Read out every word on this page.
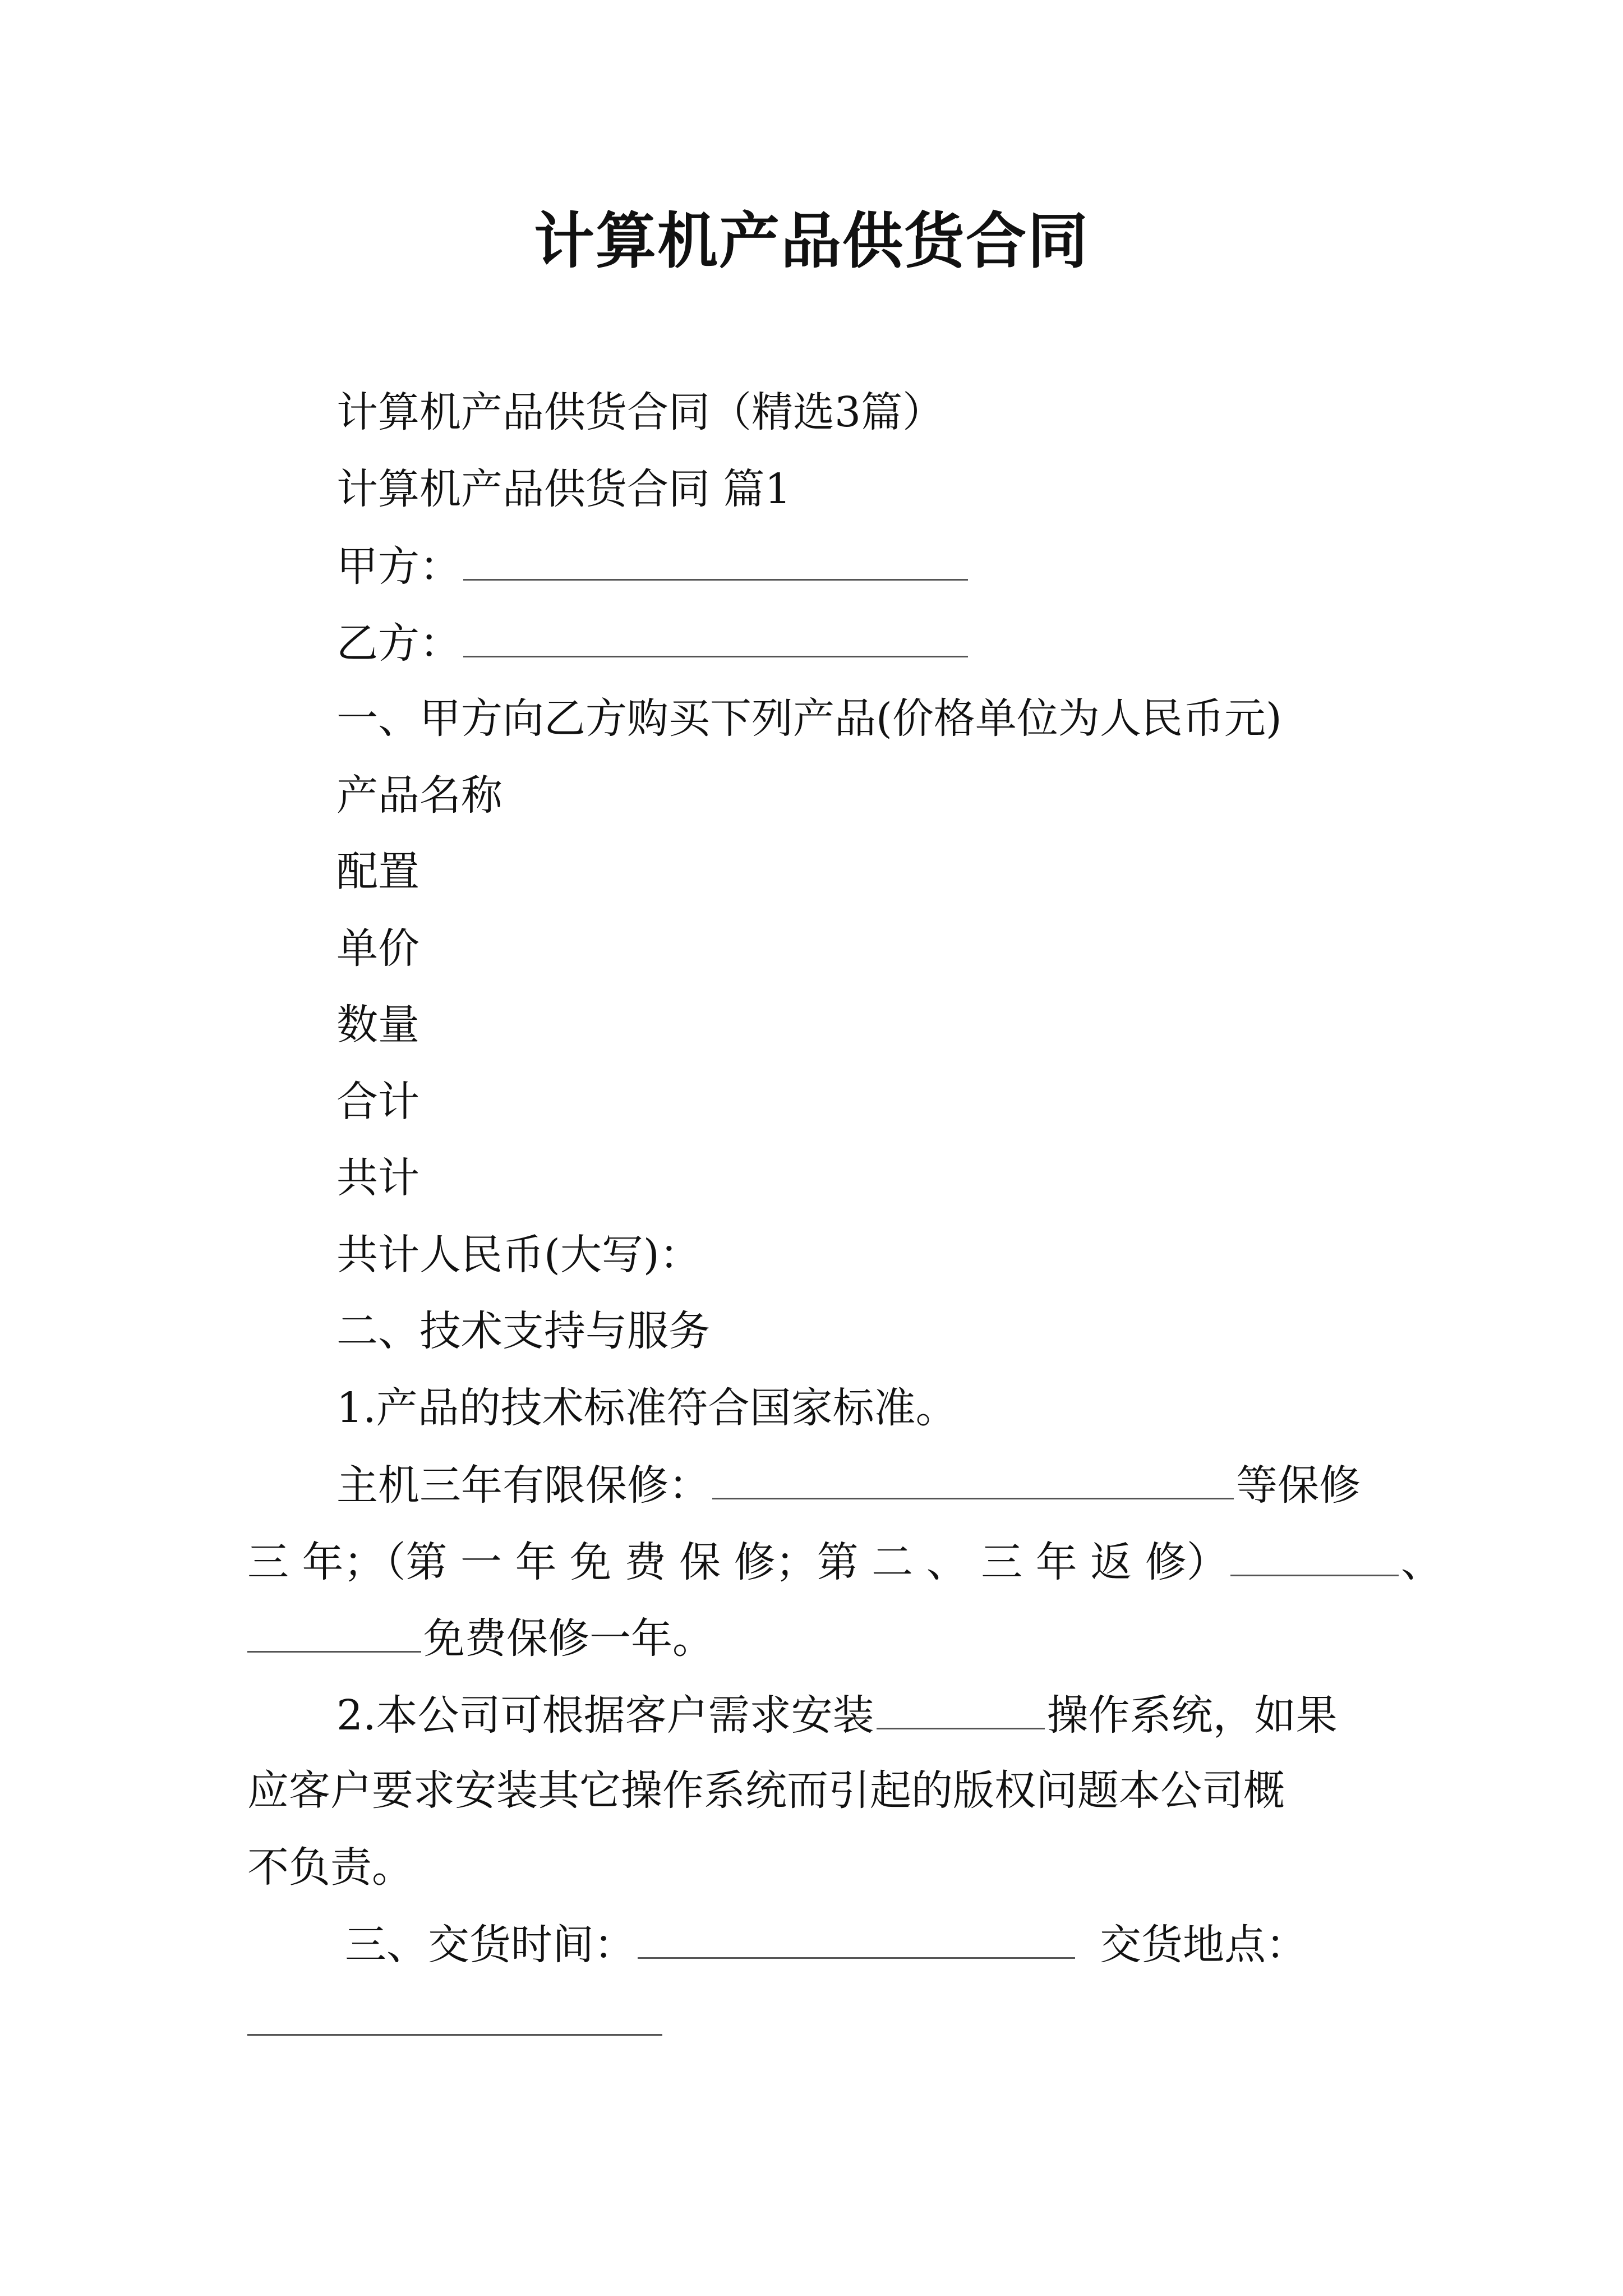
计算机产品供货合同
计算机产品供货合同（精选3篇）
计算机产品供货合同 篇1
甲方：
乙方：
一、甲方向乙方购买下列产品(价格单位为人民币元)
产品名称
配置
单价
数量
合计
共计
共计人民币(大写)：
二、技术支持与服务
1.产品的技术标准符合国家标准。
主机三年有限保修：	等保修
三 年；（第 一 年 免 费 保 修；第 二 、 三 年 返 修）	、
免费保修一年。
2.本公司可根据客户需求安装	操作系统，如果
应客户要求安装其它操作系统而引起的版权问题本公司概
不负责。
三、交货时间：	交货地点：
